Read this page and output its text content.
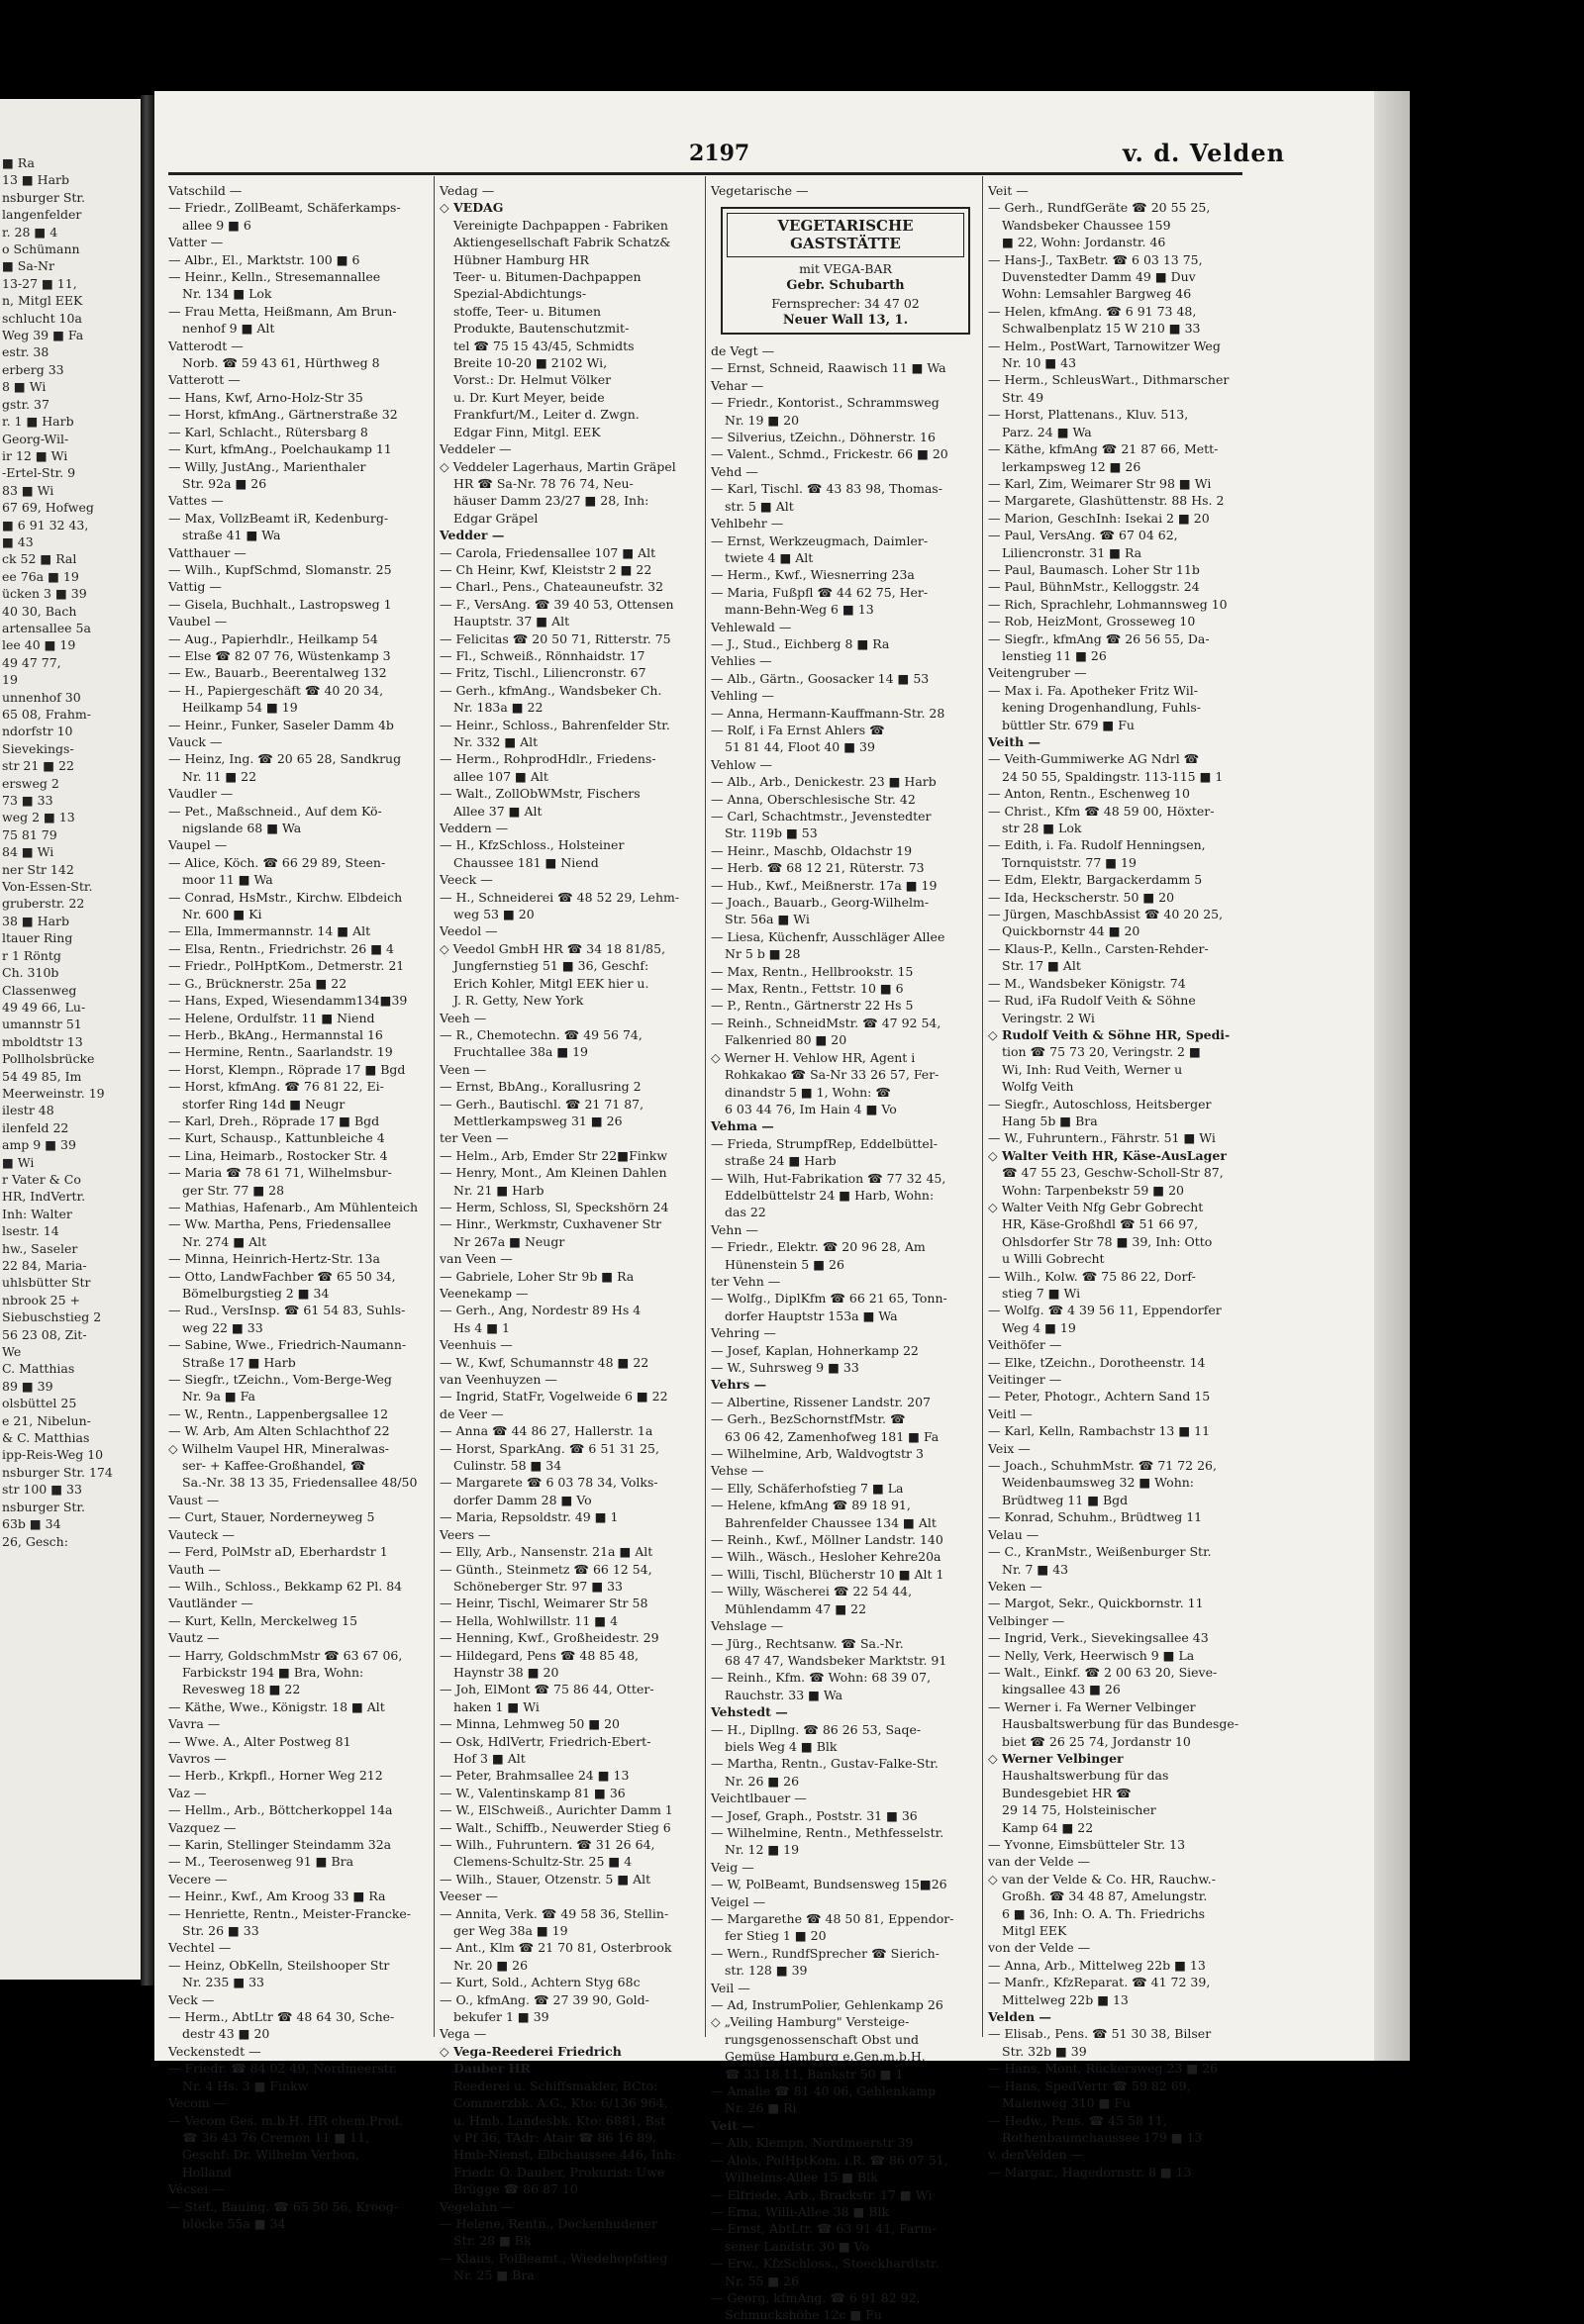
■ Ra
13 ■ Harb
nsburger Str.
langenfelder
r. 28 ■ 4
o Schümann
■ Sa-Nr
13-27 ■ 11,
n, Mitgl EEK
schlucht 10a
Weg 39 ■ Fa
estr. 38
erberg 33
8 ■ Wi
gstr. 37
r. 1 ■ Harb
Georg-Wil-
ir 12 ■ Wi
-Ertel-Str. 9
83 ■ Wi
67 69, Hofweg
■ 6 91 32 43,
■ 43
ck 52 ■ Ral
ee 76a ■ 19
ücken 3 ■ 39
40 30, Bach
artensallee 5a
lee 40 ■ 19
49 47 77,
19
unnenhof 30
65 08, Frahm-
ndorfstr 10
Sievekings-
str 21 ■ 22
ersweg 2
73 ■ 33
weg 2 ■ 13
75 81 79
84 ■ Wi
ner Str 142
Von-Essen-Str.
gruberstr. 22
38 ■ Harb
ltauer Ring
r 1 Röntg
Ch. 310b
Classenweg
49 49 66, Lu-
umannstr 51
mboldtstr 13
Pollholsbrücke
54 49 85, Im
Meerweinstr. 19
ilestr 48
ilenfeld 22
amp 9 ■ 39
■ Wi
r Vater & Co
HR, IndVertr.
Inh: Walter
lsestr. 14
hw., Saseler
22 84, Maria-
uhlsbütter Str
nbrook 25 +
Siebuschstieg 2
56 23 08, Zit-
We
C. Matthias
89 ■ 39
olsbüttel 25
e 21, Nibelun-
& C. Matthias
ipp-Reis-Weg 10
nsburger Str. 174
str 100 ■ 33
nsburger Str.
63b ■ 34
26, Gesch:
2197	v. d. Velden
Vatschild —
— Friedr., ZollBeamt, Schäferkamps-
allee 9 ■ 6
Vatter —
— Albr., El., Marktstr. 100 ■ 6
— Heinr., Kelln., Stresemannallee
Nr. 134 ■ Lok
— Frau Metta, Heißmann, Am Brun-
nenhof 9 ■ Alt
Vatterodt —
Norb. ☎ 59 43 61, Hürthweg 8
Vatterott —
— Hans, Kwf, Arno-Holz-Str 35
— Horst, kfmAng., Gärtnerstraße 32
— Karl, Schlacht., Rütersbarg 8
— Kurt, kfmAng., Poelchaukamp 11
— Willy, JustAng., Marienthaler
Str. 92a ■ 26
Vattes —
— Max, VollzBeamt iR, Kedenburg-
straße 41 ■ Wa
Vatthauer —
— Wilh., KupfSchmd, Slomanstr. 25
Vattig —
— Gisela, Buchhalt., Lastropsweg 1
Vaubel —
— Aug., Papierhdlr., Heilkamp 54
— Else ☎ 82 07 76, Wüstenkamp 3
— Ew., Bauarb., Beerentalweg 132
— H., Papiergeschäft ☎ 40 20 34,
Heilkamp 54 ■ 19
— Heinr., Funker, Saseler Damm 4b
Vauck —
— Heinz, Ing. ☎ 20 65 28, Sandkrug
Nr. 11 ■ 22
Vaudler —
— Pet., Maßschneid., Auf dem Kö-
nigslande 68 ■ Wa
Vaupel —
— Alice, Köch. ☎ 66 29 89, Steen-
moor 11 ■ Wa
— Conrad, HsMstr., Kirchw. Elbdeich
Nr. 600 ■ Ki
— Ella, Immermannstr. 14 ■ Alt
— Elsa, Rentn., Friedrichstr. 26 ■ 4
— Friedr., PolHptKom., Detmerstr. 21
— G., Brücknerstr. 25a ■ 22
— Hans, Exped, Wiesendamm134■39
— Helene, Ordulfstr. 11 ■ Niend
— Herb., BkAng., Hermannstal 16
— Hermine, Rentn., Saarlandstr. 19
— Horst, Klempn., Röprade 17 ■ Bgd
— Horst, kfmAng. ☎ 76 81 22, Ei-
storfer Ring 14d ■ Neugr
— Karl, Dreh., Röprade 17 ■ Bgd
— Kurt, Schausp., Kattunbleiche 4
— Lina, Heimarb., Rostocker Str. 4
— Maria ☎ 78 61 71, Wilhelmsbur-
ger Str. 77 ■ 28
— Mathias, Hafenarb., Am Mühlenteich
— Ww. Martha, Pens, Friedensallee
Nr. 274 ■ Alt
— Minna, Heinrich-Hertz-Str. 13a
— Otto, LandwFachber ☎ 65 50 34,
Bömelburgstieg 2 ■ 34
— Rud., VersInsp. ☎ 61 54 83, Suhls-
weg 22 ■ 33
— Sabine, Wwe., Friedrich-Naumann-
Straße 17 ■ Harb
— Siegfr., tZeichn., Vom-Berge-Weg
Nr. 9a ■ Fa
— W., Rentn., Lappenbergsallee 12
— W. Arb, Am Alten Schlachthof 22
◇ Wilhelm Vaupel HR, Mineralwas-
ser- + Kaffee-Großhandel, ☎
Sa.-Nr. 38 13 35, Friedensallee 48/50
Vaust —
— Curt, Stauer, Norderneyweg 5
Vauteck —
— Ferd, PolMstr aD, Eberhardstr 1
Vauth —
— Wilh., Schloss., Bekkamp 62 Pl. 84
Vautländer —
— Kurt, Kelln, Merckelweg 15
Vautz —
— Harry, GoldschmMstr ☎ 63 67 06,
Farbickstr 194 ■ Bra, Wohn:
Revesweg 18 ■ 22
— Käthe, Wwe., Königstr. 18 ■ Alt
Vavra —
— Wwe. A., Alter Postweg 81
Vavros —
— Herb., Krkpfl., Horner Weg 212
Vaz —
— Hellm., Arb., Böttcherkoppel 14a
Vazquez —
— Karin, Stellinger Steindamm 32a
— M., Teerosenweg 91 ■ Bra
Vecere —
— Heinr., Kwf., Am Kroog 33 ■ Ra
— Henriette, Rentn., Meister-Francke-
Str. 26 ■ 33
Vechtel —
— Heinz, ObKelln, Steilshooper Str
Nr. 235 ■ 33
Veck —
— Herm., AbtLtr ☎ 48 64 30, Sche-
destr 43 ■ 20
Veckenstedt —
— Friedr. ☎ 84 02 49, Nordmeerstr.
Nr. 4 Hs. 3 ■ Finkw
Vecom —
— Vecom Ges. m.b.H. HR chem.Prod.
☎ 36 43 76 Cremon 11 ■ 11,
Geschf: Dr. Wilhelm Verbon,
Holland
Vécsei —
— Stef., Bauing. ☎ 65 50 56, Kroog-
blöcke 55a ■ 34
Vedag —
◇ VEDAG
Vereinigte Dachpappen - Fabriken
Aktiengesellschaft Fabrik Schatz&
Hübner Hamburg HR
Teer- u. Bitumen-Dachpappen
Spezial-Abdichtungs-
stoffe, Teer- u. Bitumen
Produkte, Bautenschutzmit-
tel ☎ 75 15 43/45, Schmidts
Breite 10-20 ■ 2102 Wi,
Vorst.: Dr. Helmut Völker
u. Dr. Kurt Meyer, beide
Frankfurt/M., Leiter d. Zwgn.
Edgar Finn, Mitgl. EEK
Veddeler —
◇ Veddeler Lagerhaus, Martin Gräpel
HR ☎ Sa-Nr. 78 76 74, Neu-
häuser Damm 23/27 ■ 28, Inh:
Edgar Gräpel
Vedder —
— Carola, Friedensallee 107 ■ Alt
— Ch Heinr, Kwf, Kleiststr 2 ■ 22
— Charl., Pens., Chateauneufstr. 32
— F., VersAng. ☎ 39 40 53, Ottensen
Hauptstr. 37 ■ Alt
— Felicitas ☎ 20 50 71, Ritterstr. 75
— Fl., Schweiß., Rönnhaidstr. 17
— Fritz, Tischl., Liliencronstr. 67
— Gerh., kfmAng., Wandsbeker Ch.
Nr. 183a ■ 22
— Heinr., Schloss., Bahrenfelder Str.
Nr. 332 ■ Alt
— Herm., RohprodHdlr., Friedens-
allee 107 ■ Alt
— Walt., ZollObWMstr, Fischers
Allee 37 ■ Alt
Veddern —
— H., KfzSchloss., Holsteiner
Chaussee 181 ■ Niend
Veeck —
— H., Schneiderei ☎ 48 52 29, Lehm-
weg 53 ■ 20
Veedol —
◇ Veedol GmbH HR ☎ 34 18 81/85,
Jungfernstieg 51 ■ 36, Geschf:
Erich Kohler, Mitgl EEK hier u.
J. R. Getty, New York
Veeh —
— R., Chemotechn. ☎ 49 56 74,
Fruchtallee 38a ■ 19
Veen —
— Ernst, BbAng., Korallusring 2
— Gerh., Bautischl. ☎ 21 71 87,
Mettlerkampsweg 31 ■ 26
ter Veen —
— Helm., Arb, Emder Str 22■Finkw
— Henry, Mont., Am Kleinen Dahlen
Nr. 21 ■ Harb
— Herm, Schloss, Sl, Speckshörn 24
— Hinr., Werkmstr, Cuxhavener Str
Nr 267a ■ Neugr
van Veen —
— Gabriele, Loher Str 9b ■ Ra
Veenekamp —
— Gerh., Ang, Nordestr 89 Hs 4
Hs 4 ■ 1
Veenhuis —
— W., Kwf, Schumannstr 48 ■ 22
van Veenhuyzen —
— Ingrid, StatFr, Vogelweide 6 ■ 22
de Veer —
— Anna ☎ 44 86 27, Hallerstr. 1a
— Horst, SparkAng. ☎ 6 51 31 25,
Culinstr. 58 ■ 34
— Margarete ☎ 6 03 78 34, Volks-
dorfer Damm 28 ■ Vo
— Maria, Repsoldstr. 49 ■ 1
Veers —
— Elly, Arb., Nansenstr. 21a ■ Alt
— Günth., Steinmetz ☎ 66 12 54,
Schöneberger Str. 97 ■ 33
— Heinr, Tischl, Weimarer Str 58
— Hella, Wohlwillstr. 11 ■ 4
— Henning, Kwf., Großheidestr. 29
— Hildegard, Pens ☎ 48 85 48,
Haynstr 38 ■ 20
— Joh, ElMont ☎ 75 86 44, Otter-
haken 1 ■ Wi
— Minna, Lehmweg 50 ■ 20
— Osk, HdlVertr, Friedrich-Ebert-
Hof 3 ■ Alt
— Peter, Brahmsallee 24 ■ 13
— W., Valentinskamp 81 ■ 36
— W., ElSchweiß., Aurichter Damm 1
— Walt., Schiffb., Neuwerder Stieg 6
— Wilh., Fuhruntern. ☎ 31 26 64,
Clemens-Schultz-Str. 25 ■ 4
— Wilh., Stauer, Otzenstr. 5 ■ Alt
Veeser —
— Annita, Verk. ☎ 49 58 36, Stellin-
ger Weg 38a ■ 19
— Ant., Klm ☎ 21 70 81, Osterbrook
Nr. 20 ■ 26
— Kurt, Sold., Achtern Styg 68c
— O., kfmAng. ☎ 27 39 90, Gold-
bekufer 1 ■ 39
Vega —
◇ Vega-Reederei Friedrich
Dauber HR
Reederei u. Schiffsmakler, BCto:
Commerzbk. A.G., Kto: 6/136 964,
u. Hmb. Landesbk. Kto: 6881, Bst
v Pf 36, TAdr: Atair ☎ 86 16 89,
Hmb-Nienst, Elbchaussee 446, Inh:
Friedr. O. Dauber, Prokurist: Uwe
Brügge ☎ 86 87 10
Vegelahn —
— Helene, Rentn., Dockenhudener
Str. 28 ■ Bk
— Klaus, PolBeamt., Wiedehopfstieg
Nr. 25 ■ Bra
Vegetarische —
VEGETARISCHE GASTSTÄTTE
mit VEGA-BAR
Gebr. Schubarth
Fernsprecher: 34 47 02
Neuer Wall 13, 1.
de Vegt —
— Ernst, Schneid, Raawisch 11 ■ Wa
Vehar —
— Friedr., Kontorist., Schrammsweg
Nr. 19 ■ 20
— Silverius, tZeichn., Döhnerstr. 16
— Valent., Schmd., Frickestr. 66 ■ 20
Vehd —
— Karl, Tischl. ☎ 43 83 98, Thomas-
str. 5 ■ Alt
Vehlbehr —
— Ernst, Werkzeugmach, Daimler-
twiete 4 ■ Alt
— Herm., Kwf., Wiesnerring 23a
— Maria, Fußpfl ☎ 44 62 75, Her-
mann-Behn-Weg 6 ■ 13
Vehlewald —
— J., Stud., Eichberg 8 ■ Ra
Vehlies —
— Alb., Gärtn., Goosacker 14 ■ 53
Vehling —
— Anna, Hermann-Kauffmann-Str. 28
— Rolf, i Fa Ernst Ahlers ☎
51 81 44, Floot 40 ■ 39
Vehlow —
— Alb., Arb., Denickestr. 23 ■ Harb
— Anna, Oberschlesische Str. 42
— Carl, Schachtmstr., Jevenstedter
Str. 119b ■ 53
— Heinr., Maschb, Oldachstr 19
— Herb. ☎ 68 12 21, Rüterstr. 73
— Hub., Kwf., Meißnerstr. 17a ■ 19
— Joach., Bauarb., Georg-Wilhelm-
Str. 56a ■ Wi
— Liesa, Küchenfr, Ausschläger Allee
Nr 5 b ■ 28
— Max, Rentn., Hellbrookstr. 15
— Max, Rentn., Fettstr. 10 ■ 6
— P., Rentn., Gärtnerstr 22 Hs 5
— Reinh., SchneidMstr. ☎ 47 92 54,
Falkenried 80 ■ 20
◇ Werner H. Vehlow HR, Agent i
Rohkakao ☎ Sa-Nr 33 26 57, Fer-
dinandstr 5 ■ 1, Wohn: ☎
6 03 44 76, Im Hain 4 ■ Vo
Vehma —
— Frieda, StrumpfRep, Eddelbüttel-
straße 24 ■ Harb
— Wilh, Hut-Fabrikation ☎ 77 32 45,
Eddelbüttelstr 24 ■ Harb, Wohn:
das 22
Vehn —
— Friedr., Elektr. ☎ 20 96 28, Am
Hünenstein 5 ■ 26
ter Vehn —
— Wolfg., DiplKfm ☎ 66 21 65, Tonn-
dorfer Hauptstr 153a ■ Wa
Vehring —
— Josef, Kaplan, Hohnerkamp 22
— W., Suhrsweg 9 ■ 33
Vehrs —
— Albertine, Rissener Landstr. 207
— Gerh., BezSchornstfMstr. ☎
63 06 42, Zamenhofweg 181 ■ Fa
— Wilhelmine, Arb, Waldvogtstr 3
Vehse —
— Elly, Schäferhofstieg 7 ■ La
— Helene, kfmAng ☎ 89 18 91,
Bahrenfelder Chaussee 134 ■ Alt
— Reinh., Kwf., Möllner Landstr. 140
— Wilh., Wäsch., Hesloher Kehre20a
— Willi, Tischl, Blücherstr 10 ■ Alt 1
— Willy, Wäscherei ☎ 22 54 44,
Mühlendamm 47 ■ 22
Vehslage —
— Jürg., Rechtsanw. ☎ Sa.-Nr.
68 47 47, Wandsbeker Marktstr. 91
— Reinh., Kfm. ☎ Wohn: 68 39 07,
Rauchstr. 33 ■ Wa
Vehstedt —
— H., Dipllng. ☎ 86 26 53, Saqe-
biels Weg 4 ■ Blk
— Martha, Rentn., Gustav-Falke-Str.
Nr. 26 ■ 26
Veichtlbauer —
— Josef, Graph., Poststr. 31 ■ 36
— Wilhelmine, Rentn., Methfesselstr.
Nr. 12 ■ 19
Veig —
— W, PolBeamt, Bundsensweg 15■26
Veigel —
— Margarethe ☎ 48 50 81, Eppendor-
fer Stieg 1 ■ 20
— Wern., RundfSprecher ☎ Sierich-
str. 128 ■ 39
Veil —
— Ad, InstrumPolier, Gehlenkamp 26
◇ „Veiling Hamburg" Versteige-
rungsgenossenschaft Obst und
Gemüse Hamburg e.Gen.m.b.H.
☎ 33 18 11, Bankstr 50 ■ 1
— Amalie ☎ 81 40 06, Gehlenkamp
Nr. 26 ■ Ri
Veit —
— Alb, Klempn, Nordmeerstr 39
— Alois, PolHptKom. i.R. ☎ 86 07 51,
Wilhelms-Allee 15 ■ Blk
— Elfriede, Arb., Brackstr. 17 ■ Wi
— Erna, Willi-Allee 38 ■ Blk
— Ernst, AbtLtr. ☎ 63 91 41, Farm-
sener Landstr. 30 ■ Vo
— Erw., KfzSchloss., Stoeckhardtstr.
Nr. 55 ■ 26
— Georg, kfmAng. ☎ 6 91 82 92,
Schmuckshöhe 12c ■ Fu
Veit —
— Gerh., RundfGeräte ☎ 20 55 25,
Wandsbeker Chaussee 159
■ 22, Wohn: Jordanstr. 46
— Hans-J., TaxBetr. ☎ 6 03 13 75,
Duvenstedter Damm 49 ■ Duv
Wohn: Lemsahler Bargweg 46
— Helen, kfmAng. ☎ 6 91 73 48,
Schwalbenplatz 15 W 210 ■ 33
— Helm., PostWart, Tarnowitzer Weg
Nr. 10 ■ 43
— Herm., SchleusWart., Dithmarscher
Str. 49
— Horst, Plattenans., Kluv. 513,
Parz. 24 ■ Wa
— Käthe, kfmAng ☎ 21 87 66, Mett-
lerkampsweg 12 ■ 26
— Karl, Zim, Weimarer Str 98 ■ Wi
— Margarete, Glashüttenstr. 88 Hs. 2
— Marion, GeschInh: Isekai 2 ■ 20
— Paul, VersAng. ☎ 67 04 62,
Liliencronstr. 31 ■ Ra
— Paul, Baumasch. Loher Str 11b
— Paul, BühnMstr., Kelloggstr. 24
— Rich, Sprachlehr, Lohmannsweg 10
— Rob, HeizMont, Grosseweg 10
— Siegfr., kfmAng ☎ 26 56 55, Da-
lenstieg 11 ■ 26
Veitengruber —
— Max i. Fa. Apotheker Fritz Wil-
kening Drogenhandlung, Fuhls-
büttler Str. 679 ■ Fu
Veith —
— Veith-Gummiwerke AG Ndrl ☎
24 50 55, Spaldingstr. 113-115 ■ 1
— Anton, Rentn., Eschenweg 10
— Christ., Kfm ☎ 48 59 00, Höxter-
str 28 ■ Lok
— Edith, i. Fa. Rudolf Henningsen,
Tornquiststr. 77 ■ 19
— Edm, Elektr, Bargackerdamm 5
— Ida, Heckscherstr. 50 ■ 20
— Jürgen, MaschbAssist ☎ 40 20 25,
Quickbornstr 44 ■ 20
— Klaus-P., Kelln., Carsten-Rehder-
Str. 17 ■ Alt
— M., Wandsbeker Königstr. 74
— Rud, iFa Rudolf Veith & Söhne
Veringstr. 2 Wi
◇ Rudolf Veith & Söhne HR, Spedi-
tion ☎ 75 73 20, Veringstr. 2 ■
Wi, Inh: Rud Veith, Werner u
Wolfg Veith
— Siegfr., Autoschloss, Heitsberger
Hang 5b ■ Bra
— W., Fuhruntern., Fährstr. 51 ■ Wi
◇ Walter Veith HR, Käse-AusLager
☎ 47 55 23, Geschw-Scholl-Str 87,
Wohn: Tarpenbekstr 59 ■ 20
◇ Walter Veith Nfg Gebr Gobrecht
HR, Käse-Großhdl ☎ 51 66 97,
Ohlsdorfer Str 78 ■ 39, Inh: Otto
u Willi Gobrecht
— Wilh., Kolw. ☎ 75 86 22, Dorf-
stieg 7 ■ Wi
— Wolfg. ☎ 4 39 56 11, Eppendorfer
Weg 4 ■ 19
Veithöfer —
— Elke, tZeichn., Dorotheenstr. 14
Veitinger —
— Peter, Photogr., Achtern Sand 15
Veitl —
— Karl, Kelln, Rambachstr 13 ■ 11
Veix —
— Joach., SchuhmMstr. ☎ 71 72 26,
Weidenbaumsweg 32 ■ Wohn:
Brüdtweg 11 ■ Bgd
— Konrad, Schuhm., Brüdtweg 11
Velau —
— C., KranMstr., Weißenburger Str.
Nr. 7 ■ 43
Veken —
— Margot, Sekr., Quickbornstr. 11
Velbinger —
— Ingrid, Verk., Sievekingsallee 43
— Nelly, Verk, Heerwisch 9 ■ La
— Walt., Einkf. ☎ 2 00 63 20, Sieve-
kingsallee 43 ■ 26
— Werner i. Fa Werner Velbinger
Hausbaltswerbung für das Bundesge-
biet ☎ 26 25 74, Jordanstr 10
◇ Werner Velbinger
Haushaltswerbung für das
Bundesgebiet HR ☎
29 14 75, Holsteinischer
Kamp 64 ■ 22
— Yvonne, Eimsbütteler Str. 13
van der Velde —
◇ van der Velde & Co. HR, Rauchw.-
Großh. ☎ 34 48 87, Amelungstr.
6 ■ 36, Inh: O. A. Th. Friedrichs
Mitgl EEK
von der Velde —
— Anna, Arb., Mittelweg 22b ■ 13
— Manfr., KfzReparat. ☎ 41 72 39,
Mittelweg 22b ■ 13
Velden —
— Elisab., Pens. ☎ 51 30 38, Bilser
Str. 32b ■ 39
— Hans, Mont, Rückersweg 23 ■ 26
— Hans, SpedVertr ☎ 59 82 69,
Maienweg 310 ■ Fu
— Hedw., Pens. ☎ 45 58 11,
Rothenbaumchaussee 179 ■ 13
v. denVelden —
— Margar., Hagedornstr. 8 ■ 13
